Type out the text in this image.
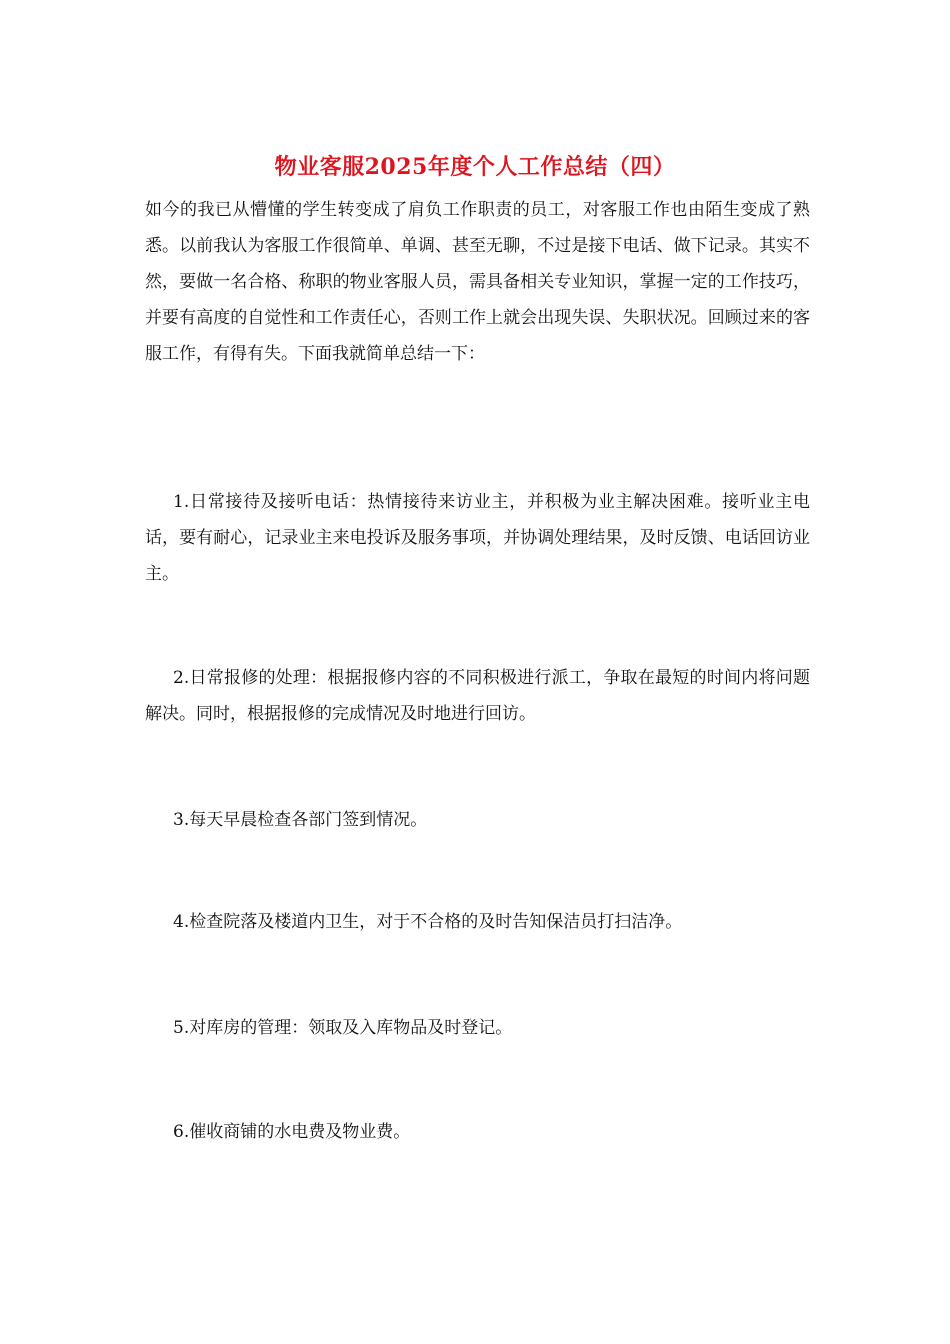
物业客服2025年度个人工作总结（四）

如今的我已从懵懂的学生转变成了肩负工作职责的员工，对客服工作也由陌生变成了熟悉。以前我认为客服工作很简单、单调、甚至无聊，不过是接下电话、做下记录。其实不然，要做一名合格、称职的物业客服人员，需具备相关专业知识，掌握一定的工作技巧，并要有高度的自觉性和工作责任心，否则工作上就会出现失误、失职状况。回顾过来的客服工作，有得有失。下面我就简单总结一下：

1.日常接待及接听电话：热情接待来访业主，并积极为业主解决困难。接听业主电话，要有耐心，记录业主来电投诉及服务事项，并协调处理结果，及时反馈、电话回访业主。

2.日常报修的处理：根据报修内容的不同积极进行派工，争取在最短的时间内将问题解决。同时，根据报修的完成情况及时地进行回访。

3.每天早晨检查各部门签到情况。

4.检查院落及楼道内卫生，对于不合格的及时告知保洁员打扫洁净。

5.对库房的管理：领取及入库物品及时登记。

6.催收商铺的水电费及物业费。
